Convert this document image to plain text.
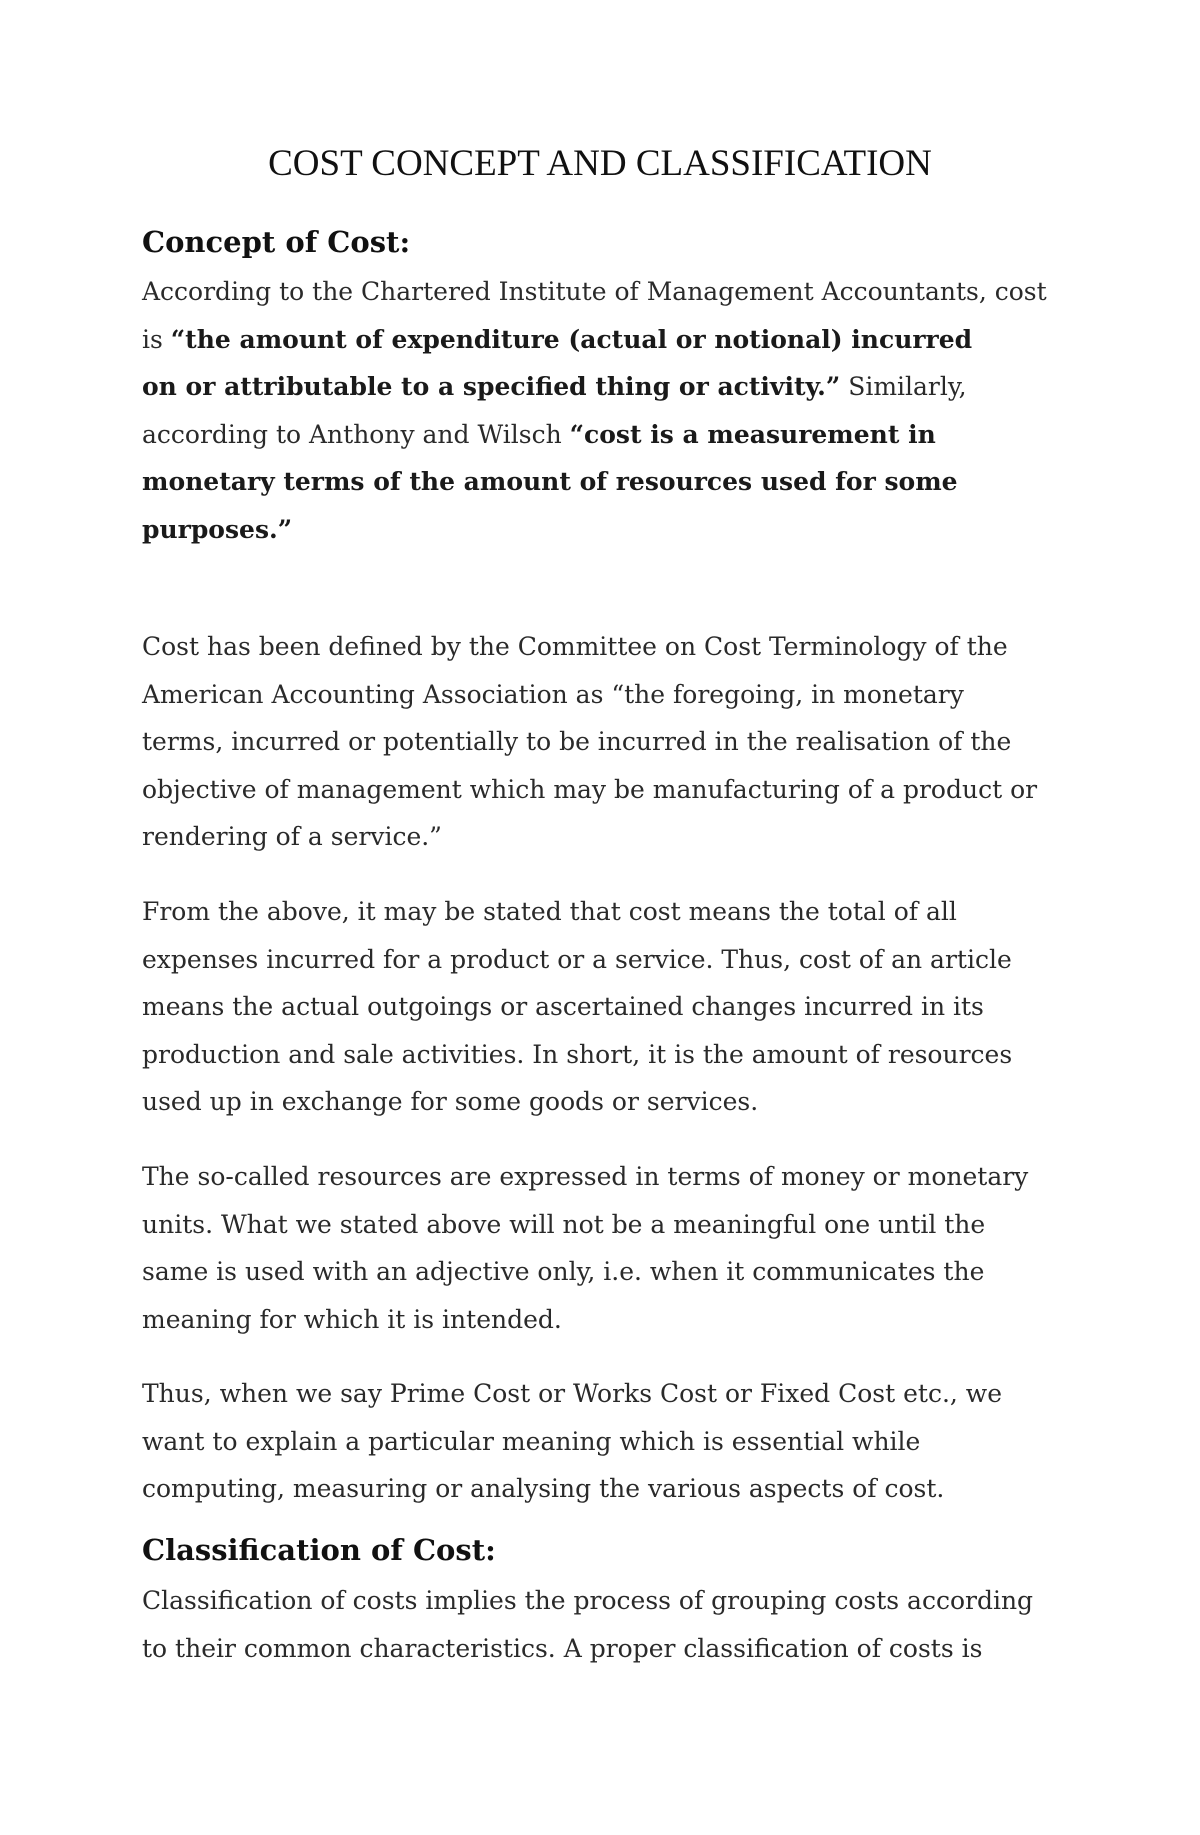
COST CONCEPT AND CLASSIFICATION
Concept of Cost:

According to the Chartered Institute of Management Accountants, cost
is “the amount of expenditure (actual or notional) incurred
on or attributable to a specified thing or activity.” Similarly,
according to Anthony and Wilsch “cost is a measurement in
monetary terms of the amount of resources used for some
purposes.”

Cost has been defined by the Committee on Cost Terminology of the
American Accounting Association as “the foregoing, in monetary
terms, incurred or potentially to be incurred in the realisation of the
objective of management which may be manufacturing of a product or
rendering of a service.”

From the above, it may be stated that cost means the total of all
expenses incurred for a product or a service. Thus, cost of an article
means the actual outgoings or ascertained changes incurred in its
production and sale activities. In short, it is the amount of resources
used up in exchange for some goods or services.

The so-called resources are expressed in terms of money or monetary
units. What we stated above will not be a meaningful one until the
same is used with an adjective only, i.e. when it communicates the
meaning for which it is intended.

Thus, when we say Prime Cost or Works Cost or Fixed Cost etc., we
want to explain a particular meaning which is essential while
computing, measuring or analysing the various aspects of cost.

Classification of Cost:

Classification of costs implies the process of grouping costs according
to their common characteristics. A proper classification of costs is
